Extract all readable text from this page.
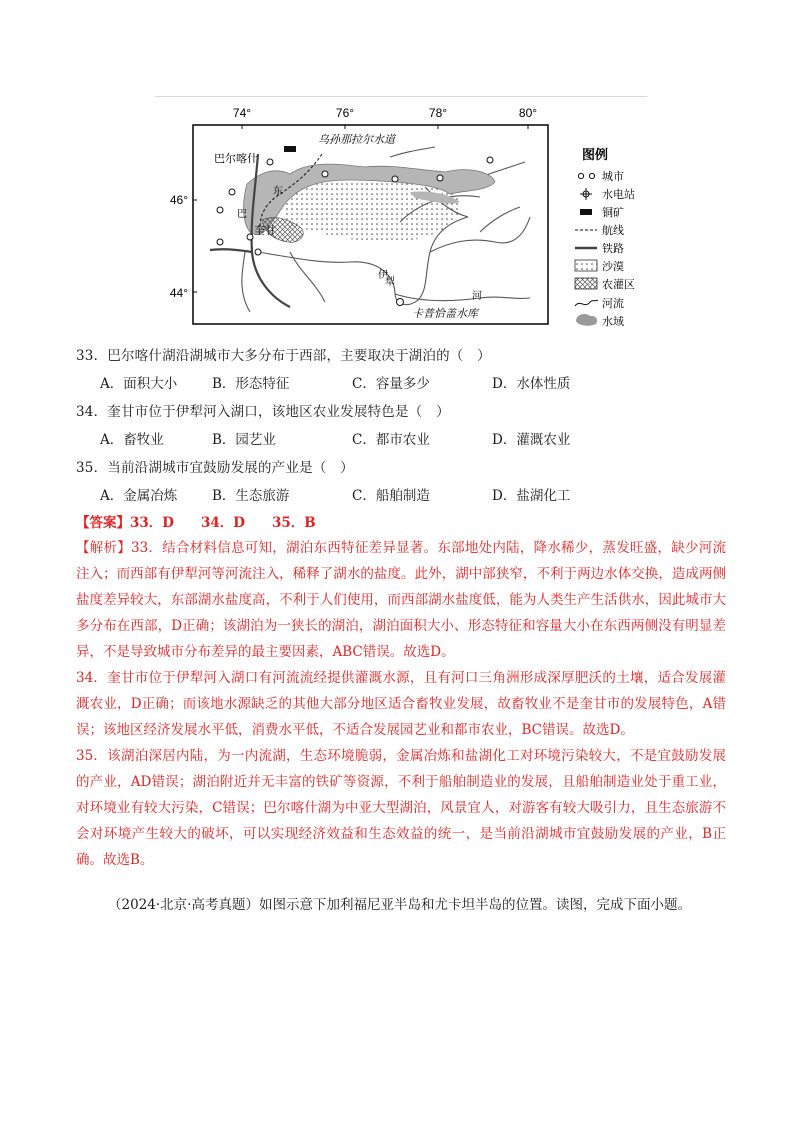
74°	76°	78°	80°
46°
44°
乌孙那拉尔水道
巴尔喀什
奎甘
东
巴
伊
犁
河
卡普恰盖水库
图例
城市
水电站
铜矿
航线
铁路
沙漠
农灌区
河流
水域
33．巴尔喀什湖沿湖城市大多分布于西部，主要取决于湖泊的（　）
A．面积大小	B．形态特征	C．容量多少	D．水体性质
34．奎甘市位于伊犁河入湖口，该地区农业发展特色是（　）
A．畜牧业	B．园艺业	C．都市农业	D．灌溉农业
35．当前沿湖城市宜鼓励发展的产业是（　）
A．金属冶炼	B．生态旅游	C．船舶制造	D．盐湖化工
【答案】33．D　　34．D　　35．B
【解析】33．结合材料信息可知，湖泊东西特征差异显著。东部地处内陆，降水稀少，蒸发旺盛，缺少河流注入；而西部有伊犁河等河流注入，稀释了湖水的盐度。此外，湖中部狭窄，不利于两边水体交换，造成两侧盐度差异较大，东部湖水盐度高，不利于人们使用，而西部湖水盐度低，能为人类生产生活供水，因此城市大多分布在西部，D正确；该湖泊为一狭长的湖泊，湖泊面积大小、形态特征和容量大小在东西两侧没有明显差异，不是导致城市分布差异的最主要因素，ABC错误。故选D。
34．奎甘市位于伊犁河入湖口有河流流经提供灌溉水源，且有河口三角洲形成深厚肥沃的土壤，适合发展灌溉农业，D正确；而该地水源缺乏的其他大部分地区适合畜牧业发展，故畜牧业不是奎甘市的发展特色，A错误；该地区经济发展水平低，消费水平低，不适合发展园艺业和都市农业，BC错误。故选D。
35．该湖泊深居内陆，为一内流湖，生态环境脆弱，金属冶炼和盐湖化工对环境污染较大，不是宜鼓励发展的产业，AD错误；湖泊附近并无丰富的铁矿等资源，不利于船舶制造业的发展，且船舶制造业处于重工业，对环境业有较大污染，C错误；巴尔喀什湖为中亚大型湖泊，风景宜人，对游客有较大吸引力，且生态旅游不会对环境产生较大的破坏，可以实现经济效益和生态效益的统一，是当前沿湖城市宜鼓励发展的产业，B正确。故选B。
（2024·北京·高考真题）如图示意下加利福尼亚半岛和尤卡坦半岛的位置。读图，完成下面小题。
